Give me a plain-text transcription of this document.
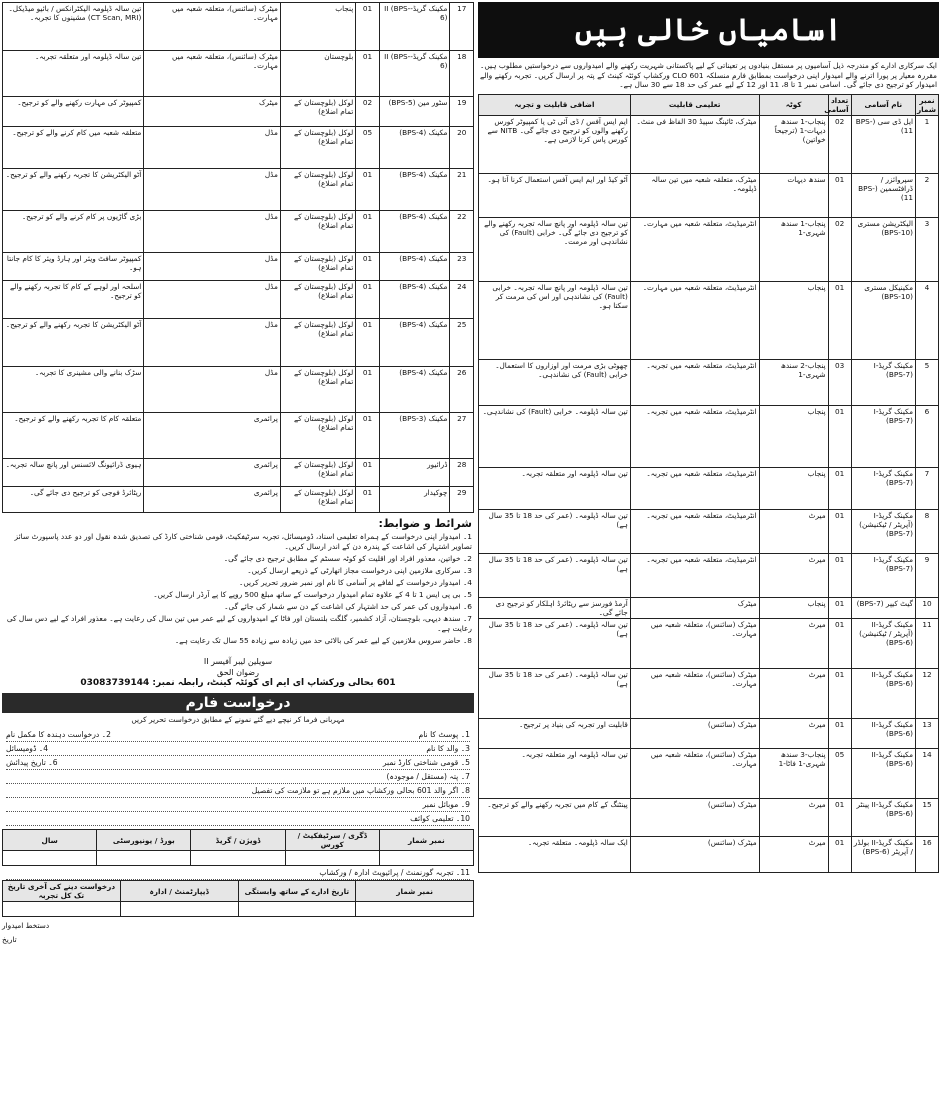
اسامیاں خالی ہیں
ایک سرکاری ادارے کو مندرجہ ذیل آسامیوں پر مستقل بنیادوں پر تعیناتی کے لیے پاکستانی شہریت رکھنے والے امیدواروں سے درخواستیں مطلوب ہیں۔ مقررہ معیار پر پورا اترنے والے امیدوار اپنی درخواست بمطابق فارم منسلکہ 601 CLO ورکشاپ کوئٹہ کینٹ کے پتہ پر ارسال کریں۔ تجربہ رکھنے والے امیدوار کو ترجیح دی جائے گی۔ اسامی نمبر 1 تا 8، 11 اور 12 کے لیے عمر کی حد 18 سے 30 سال ہے۔
نمبر شمار	نام آسامی	تعداد آسامی	کوٹہ	تعلیمی قابلیت	اضافی قابلیت و تجربہ
1	ایل ڈی سی (BPS-11)	02	پنجاب-1 سندھ دیہات-1 (ترجیحاً خواتین)	میٹرک، ٹائپنگ سپیڈ 30 الفاظ فی منٹ۔	ایم ایس آفس / ڈی آئی ٹی یا کمپیوٹر کورس رکھنے والوں کو ترجیح دی جائے گی۔ NITB سے کورس پاس کرنا لازمی ہے۔
2	سپروائزر / ڈرافٹسمین (BPS-11)	01	سندھ دیہات	میٹرک، متعلقہ شعبہ میں تین سالہ ڈپلومہ۔	آٹو کیڈ اور ایم ایس آفس استعمال کرنا آتا ہو۔
3	الیکٹریشن مستری (BPS-10)	02	پنجاب-1 سندھ شہری-1	انٹرمیڈیٹ، متعلقہ شعبہ میں مہارت۔	تین سالہ ڈپلومہ اور پانچ سالہ تجربہ رکھنے والے کو ترجیح دی جائے گی۔ خرابی (Fault) کی نشاندہی اور مرمت۔
4	مکینیکل مستری (BPS-10)	01	پنجاب	انٹرمیڈیٹ، متعلقہ شعبہ میں مہارت۔	تین سالہ ڈپلومہ اور پانچ سالہ تجربہ۔ خرابی (Fault) کی نشاندہی اور اس کی مرمت کر سکتا ہو۔
5	مکینک گریڈ-I (BPS-7)	03	پنجاب-2 سندھ شہری-1	انٹرمیڈیٹ، متعلقہ شعبہ میں تجربہ۔	چھوٹی بڑی مرمت اور اوزاروں کا استعمال۔ خرابی (Fault) کی نشاندہی۔
6	مکینک گریڈ-I (BPS-7)	01	پنجاب	انٹرمیڈیٹ، متعلقہ شعبہ میں تجربہ۔	تین سالہ ڈپلومہ۔ خرابی (Fault) کی نشاندہی۔
7	مکینک گریڈ-I (BPS-7)	01	پنجاب	انٹرمیڈیٹ، متعلقہ شعبہ میں تجربہ۔	تین سالہ ڈپلومہ اور متعلقہ تجربہ۔
8	مکینک گریڈ-I (آپریٹر / ٹیکنیشن) (BPS-7)	01	میرٹ	انٹرمیڈیٹ، متعلقہ شعبہ میں تجربہ۔	تین سالہ ڈپلومہ۔ (عمر کی حد 18 تا 35 سال ہے)
9	مکینک گریڈ-I (BPS-7)	01	میرٹ	انٹرمیڈیٹ، متعلقہ شعبہ میں تجربہ۔	تین سالہ ڈپلومہ۔ (عمر کی حد 18 تا 35 سال ہے)
10	گیٹ کیپر (BPS-7)	01	پنجاب	میٹرک	آرمڈ فورسز سے ریٹائرڈ اہلکار کو ترجیح دی جائے گی۔
11	مکینک گریڈ-II (آپریٹر / ٹیکنیشن) (BPS-6)	01	میرٹ	میٹرک (سائنس)، متعلقہ شعبہ میں مہارت۔	تین سالہ ڈپلومہ۔ (عمر کی حد 18 تا 35 سال ہے)
12	مکینک گریڈ-II (BPS-6)	01	میرٹ	میٹرک (سائنس)، متعلقہ شعبہ میں مہارت۔	تین سالہ ڈپلومہ۔ (عمر کی حد 18 تا 35 سال ہے)
13	مکینک گریڈ-II (BPS-6)	01	میرٹ	میٹرک (سائنس)	قابلیت اور تجربہ کی بنیاد پر ترجیح۔
14	مکینک گریڈ-II (BPS-6)	05	پنجاب-3 سندھ شہری-1 فاٹا-1	میٹرک (سائنس)، متعلقہ شعبہ میں مہارت۔	تین سالہ ڈپلومہ اور متعلقہ تجربہ۔
15	مکینک گریڈ-II پینٹر (BPS-6)	01	میرٹ	میٹرک (سائنس)	پینٹنگ کے کام میں تجربہ رکھنے والے کو ترجیح۔
16	مکینک گریڈ-II بولڈر / آپریٹر (BPS-6)	01	میرٹ	میٹرک (سائنس)	ایک سالہ ڈپلومہ۔ متعلقہ تجربہ۔
17	مکینک گریڈ-II (BPS-6)	01	پنجاب	میٹرک (سائنس)، متعلقہ شعبہ میں مہارت۔	تین سالہ ڈپلومہ الیکٹرانکس / بائیو میڈیکل۔ (CT Scan, MRI) مشینوں کا تجربہ۔
18	مکینک گریڈ-II (BPS-6)	01	بلوچستان	میٹرک (سائنس)، متعلقہ شعبہ میں مہارت۔	تین سالہ ڈپلومہ اور متعلقہ تجربہ۔
19	سٹور مین (BPS-5)	02	لوکل (بلوچستان کے تمام اضلاع)	میٹرک	کمپیوٹر کی مہارت رکھنے والے کو ترجیح۔
20	مکینک (BPS-4)	05	لوکل (بلوچستان کے تمام اضلاع)	مڈل	متعلقہ شعبہ میں کام کرنے والے کو ترجیح۔
21	مکینک (BPS-4)	01	لوکل (بلوچستان کے تمام اضلاع)	مڈل	آٹو الیکٹریشن کا تجربہ رکھنے والے کو ترجیح۔
22	مکینک (BPS-4)	01	لوکل (بلوچستان کے تمام اضلاع)	مڈل	بڑی گاڑیوں پر کام کرنے والے کو ترجیح۔
23	مکینک (BPS-4)	01	لوکل (بلوچستان کے تمام اضلاع)	مڈل	کمپیوٹر سافٹ ویئر اور ہارڈ ویئر کا کام جانتا ہو۔
24	مکینک (BPS-4)	01	لوکل (بلوچستان کے تمام اضلاع)	مڈل	اسلحہ اور لوہے کے کام کا تجربہ رکھنے والے کو ترجیح۔
25	مکینک (BPS-4)	01	لوکل (بلوچستان کے تمام اضلاع)	مڈل	آٹو الیکٹریشن کا تجربہ رکھنے والے کو ترجیح۔
26	مکینک (BPS-4)	01	لوکل (بلوچستان کے تمام اضلاع)	مڈل	سڑک بنانے والی مشینری کا تجربہ۔
27	مکینک (BPS-3)	01	لوکل (بلوچستان کے تمام اضلاع)	پرائمری	متعلقہ کام کا تجربہ رکھنے والے کو ترجیح۔
28	ڈرائیور	01	لوکل (بلوچستان کے تمام اضلاع)	پرائمری	ہیوی ڈرائیونگ لائسنس اور پانچ سالہ تجربہ۔
29	چوکیدار	01	لوکل (بلوچستان کے تمام اضلاع)	پرائمری	ریٹائرڈ فوجی کو ترجیح دی جائے گی۔
شرائط و ضوابط:

1۔ امیدوار اپنی درخواست کے ہمراہ تعلیمی اسناد، ڈومیسائل، تجربہ سرٹیفکیٹ، قومی شناختی کارڈ کی تصدیق شدہ نقول اور دو عدد پاسپورٹ سائز تصاویر اشتہار کی اشاعت کے پندرہ دن کے اندر ارسال کریں۔

2۔ خواتین، معذور افراد اور اقلیت کو کوٹہ سسٹم کے مطابق ترجیح دی جائے گی۔

3۔ سرکاری ملازمین اپنی درخواست مجاز اتھارٹی کے ذریعے ارسال کریں۔

4۔ امیدوار درخواست کے لفافے پر آسامی کا نام اور نمبر ضرور تحریر کریں۔

5۔ بی پی ایس 1 تا 4 کے علاوہ تمام امیدوار درخواست کے ساتھ مبلغ 500 روپے کا پے آرڈر ارسال کریں۔

6۔ امیدواروں کی عمر کی حد اشتہار کی اشاعت کے دن سے شمار کی جائے گی۔

7۔ سندھ دیہی، بلوچستان، آزاد کشمیر، گلگت بلتستان اور فاٹا کے امیدواروں کے لیے عمر میں تین سال کی رعایت ہے۔ معذور افراد کے لیے دس سال کی رعایت ہے۔

8۔ حاضر سروس ملازمین کے لیے عمر کی بالائی حد میں زیادہ سے زیادہ 55 سال تک رعایت ہے۔

سویلین لیبر آفیسر II
رضوان الحق
601 بحالی ورکشاپ ای ایم ای کوئٹہ کینٹ، رابطہ نمبر: 03083739144
درخواست فارم
مہربانی فرما کر نیچے دیے گئے نمونے کے مطابق درخواست تحریر کریں
1۔ پوسٹ کا نام
2۔ درخواست دہندہ کا مکمل نام
3۔ والد کا نام
4۔ ڈومیسائل
5۔ قومی شناختی کارڈ نمبر
6۔ تاریخ پیدائش
7۔ پتہ (مستقل / موجودہ)
8۔ اگر والد 601 بحالی ورکشاپ میں ملازم ہے تو ملازمت کی تفصیل
9۔ موبائل نمبر
10۔ تعلیمی کوائف
نمبر شمار	ڈگری / سرٹیفکیٹ / کورس	ڈویژن / گریڈ	بورڈ / یونیورسٹی	سال

11۔ تجربہ گورنمنٹ / پرائیویٹ ادارہ / ورکشاپ
نمبر شمار	تاریخ ادارے کے ساتھ وابستگی	ڈیپارٹمنٹ / ادارہ	درخواست دینے کی آخری تاریخ تک کل تجربہ

دستخط امیدوار
تاریخ
